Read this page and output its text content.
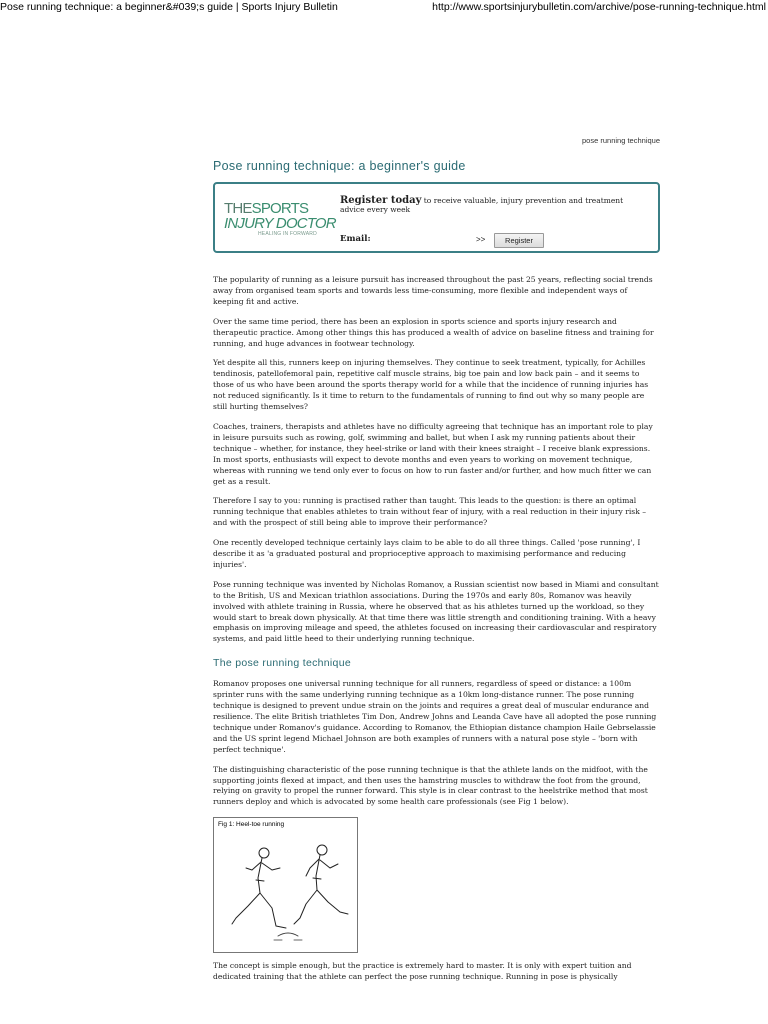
Pose running technique: a beginner&#039;s guide | Sports Injury Bulletin	http://www.sportsinjurybulletin.com/archive/pose-running-technique.html
pose running technique
Pose running technique: a beginner's guide
THESPORTS
INJURY DOCTOR
HEALING IN FORWARD
Register today to receive valuable, injury prevention and treatment advice every week
Email:	>>	Register

The popularity of running as a leisure pursuit has increased throughout the past 25 years, reflecting social trends away from organised team sports and towards less time-consuming, more flexible and independent ways of keeping fit and active.

Over the same time period, there has been an explosion in sports science and sports injury research and therapeutic practice. Among other things this has produced a wealth of advice on baseline fitness and training for running, and huge advances in footwear technology.

Yet despite all this, runners keep on injuring themselves. They continue to seek treatment, typically, for Achilles tendinosis, patellofemoral pain, repetitive calf muscle strains, big toe pain and low back pain – and it seems to those of us who have been around the sports therapy world for a while that the incidence of running injuries has not reduced significantly. Is it time to return to the fundamentals of running to find out why so many people are still hurting themselves?

Coaches, trainers, therapists and athletes have no difficulty agreeing that technique has an important role to play in leisure pursuits such as rowing, golf, swimming and ballet, but when I ask my running patients about their technique – whether, for instance, they heel-strike or land with their knees straight – I receive blank expressions. In most sports, enthusiasts will expect to devote months and even years to working on movement technique, whereas with running we tend only ever to focus on how to run faster and/or further, and how much fitter we can get as a result.

Therefore I say to you: running is practised rather than taught. This leads to the question: is there an optimal running technique that enables athletes to train without fear of injury, with a real reduction in their injury risk – and with the prospect of still being able to improve their performance?

One recently developed technique certainly lays claim to be able to do all three things. Called 'pose running', I describe it as 'a graduated postural and proprioceptive approach to maximising performance and reducing injuries'.

Pose running technique was invented by Nicholas Romanov, a Russian scientist now based in Miami and consultant to the British, US and Mexican triathlon associations. During the 1970s and early 80s, Romanov was heavily involved with athlete training in Russia, where he observed that as his athletes turned up the workload, so they would start to break down physically. At that time there was little strength and conditioning training. With a heavy emphasis on improving mileage and speed, the athletes focused on increasing their cardiovascular and respiratory systems, and paid little heed to their underlying running technique.

The pose running technique

Romanov proposes one universal running technique for all runners, regardless of speed or distance: a 100m sprinter runs with the same underlying running technique as a 10km long-distance runner. The pose running technique is designed to prevent undue strain on the joints and requires a great deal of muscular endurance and resilience. The elite British triathletes Tim Don, Andrew Johns and Leanda Cave have all adopted the pose running technique under Romanov's guidance. According to Romanov, the Ethiopian distance champion Haile Gebrselassie and the US sprint legend Michael Johnson are both examples of runners with a natural pose style – 'born with perfect technique'.

The distinguishing characteristic of the pose running technique is that the athlete lands on the midfoot, with the supporting joints flexed at impact, and then uses the hamstring muscles to withdraw the foot from the ground, relying on gravity to propel the runner forward. This style is in clear contrast to the heelstrike method that most runners deploy and which is advocated by some health care professionals (see Fig 1 below).

Fig 1: Heel-toe running

The concept is simple enough, but the practice is extremely hard to master. It is only with expert tuition and dedicated training that the athlete can perfect the pose running technique. Running in pose is physically
